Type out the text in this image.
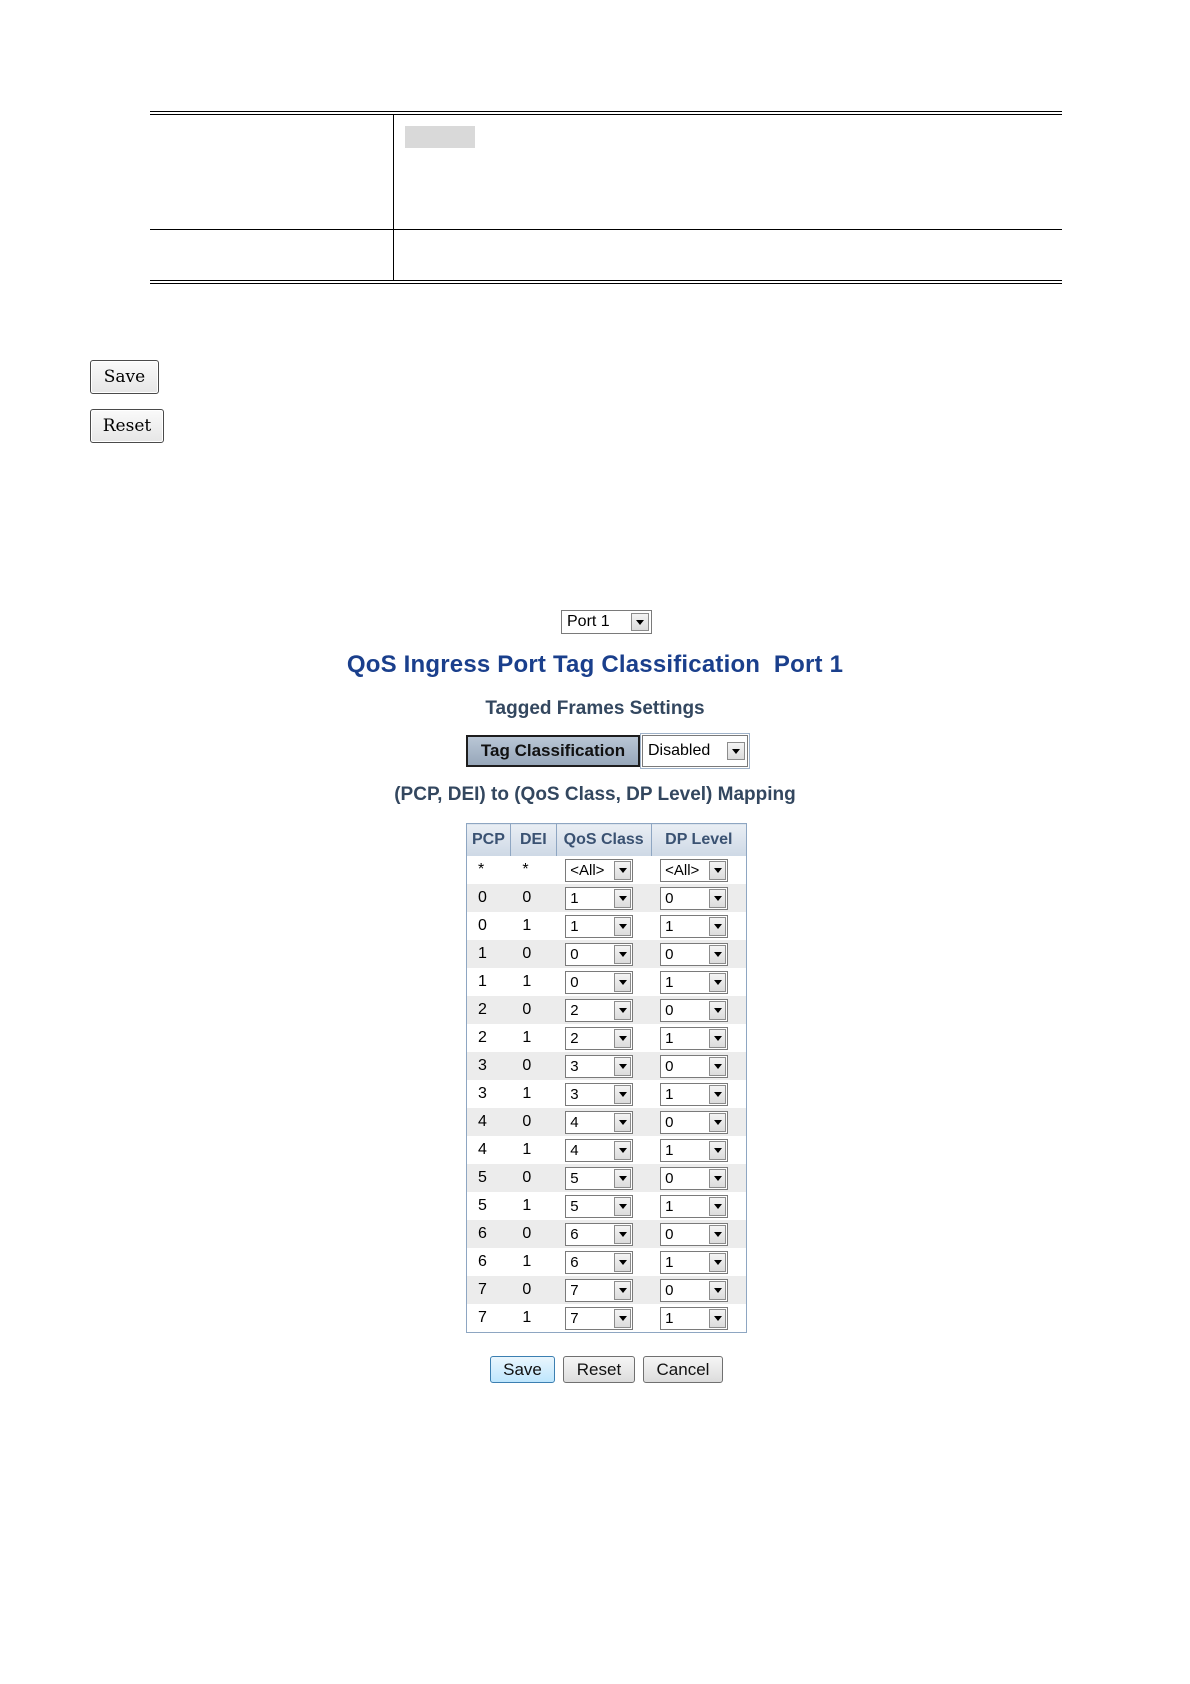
Save
Reset
Port 1
QoS Ingress Port Tag Classification  Port 1
Tagged Frames Settings
Tag Classification	Disabled
(PCP, DEI) to (QoS Class, DP Level) Mapping
PCP	DEI	QoS Class	DP Level
*	*	<All>	<All>

0	0	1	0

0	1	1	1

1	0	0	0

1	1	0	1

2	0	2	0

2	1	2	1

3	0	3	0

3	1	3	1

4	0	4	0

4	1	4	1

5	0	5	0

5	1	5	1

6	0	6	0

6	1	6	1

7	0	7	0

7	1	7	1
Save	Reset	Cancel
